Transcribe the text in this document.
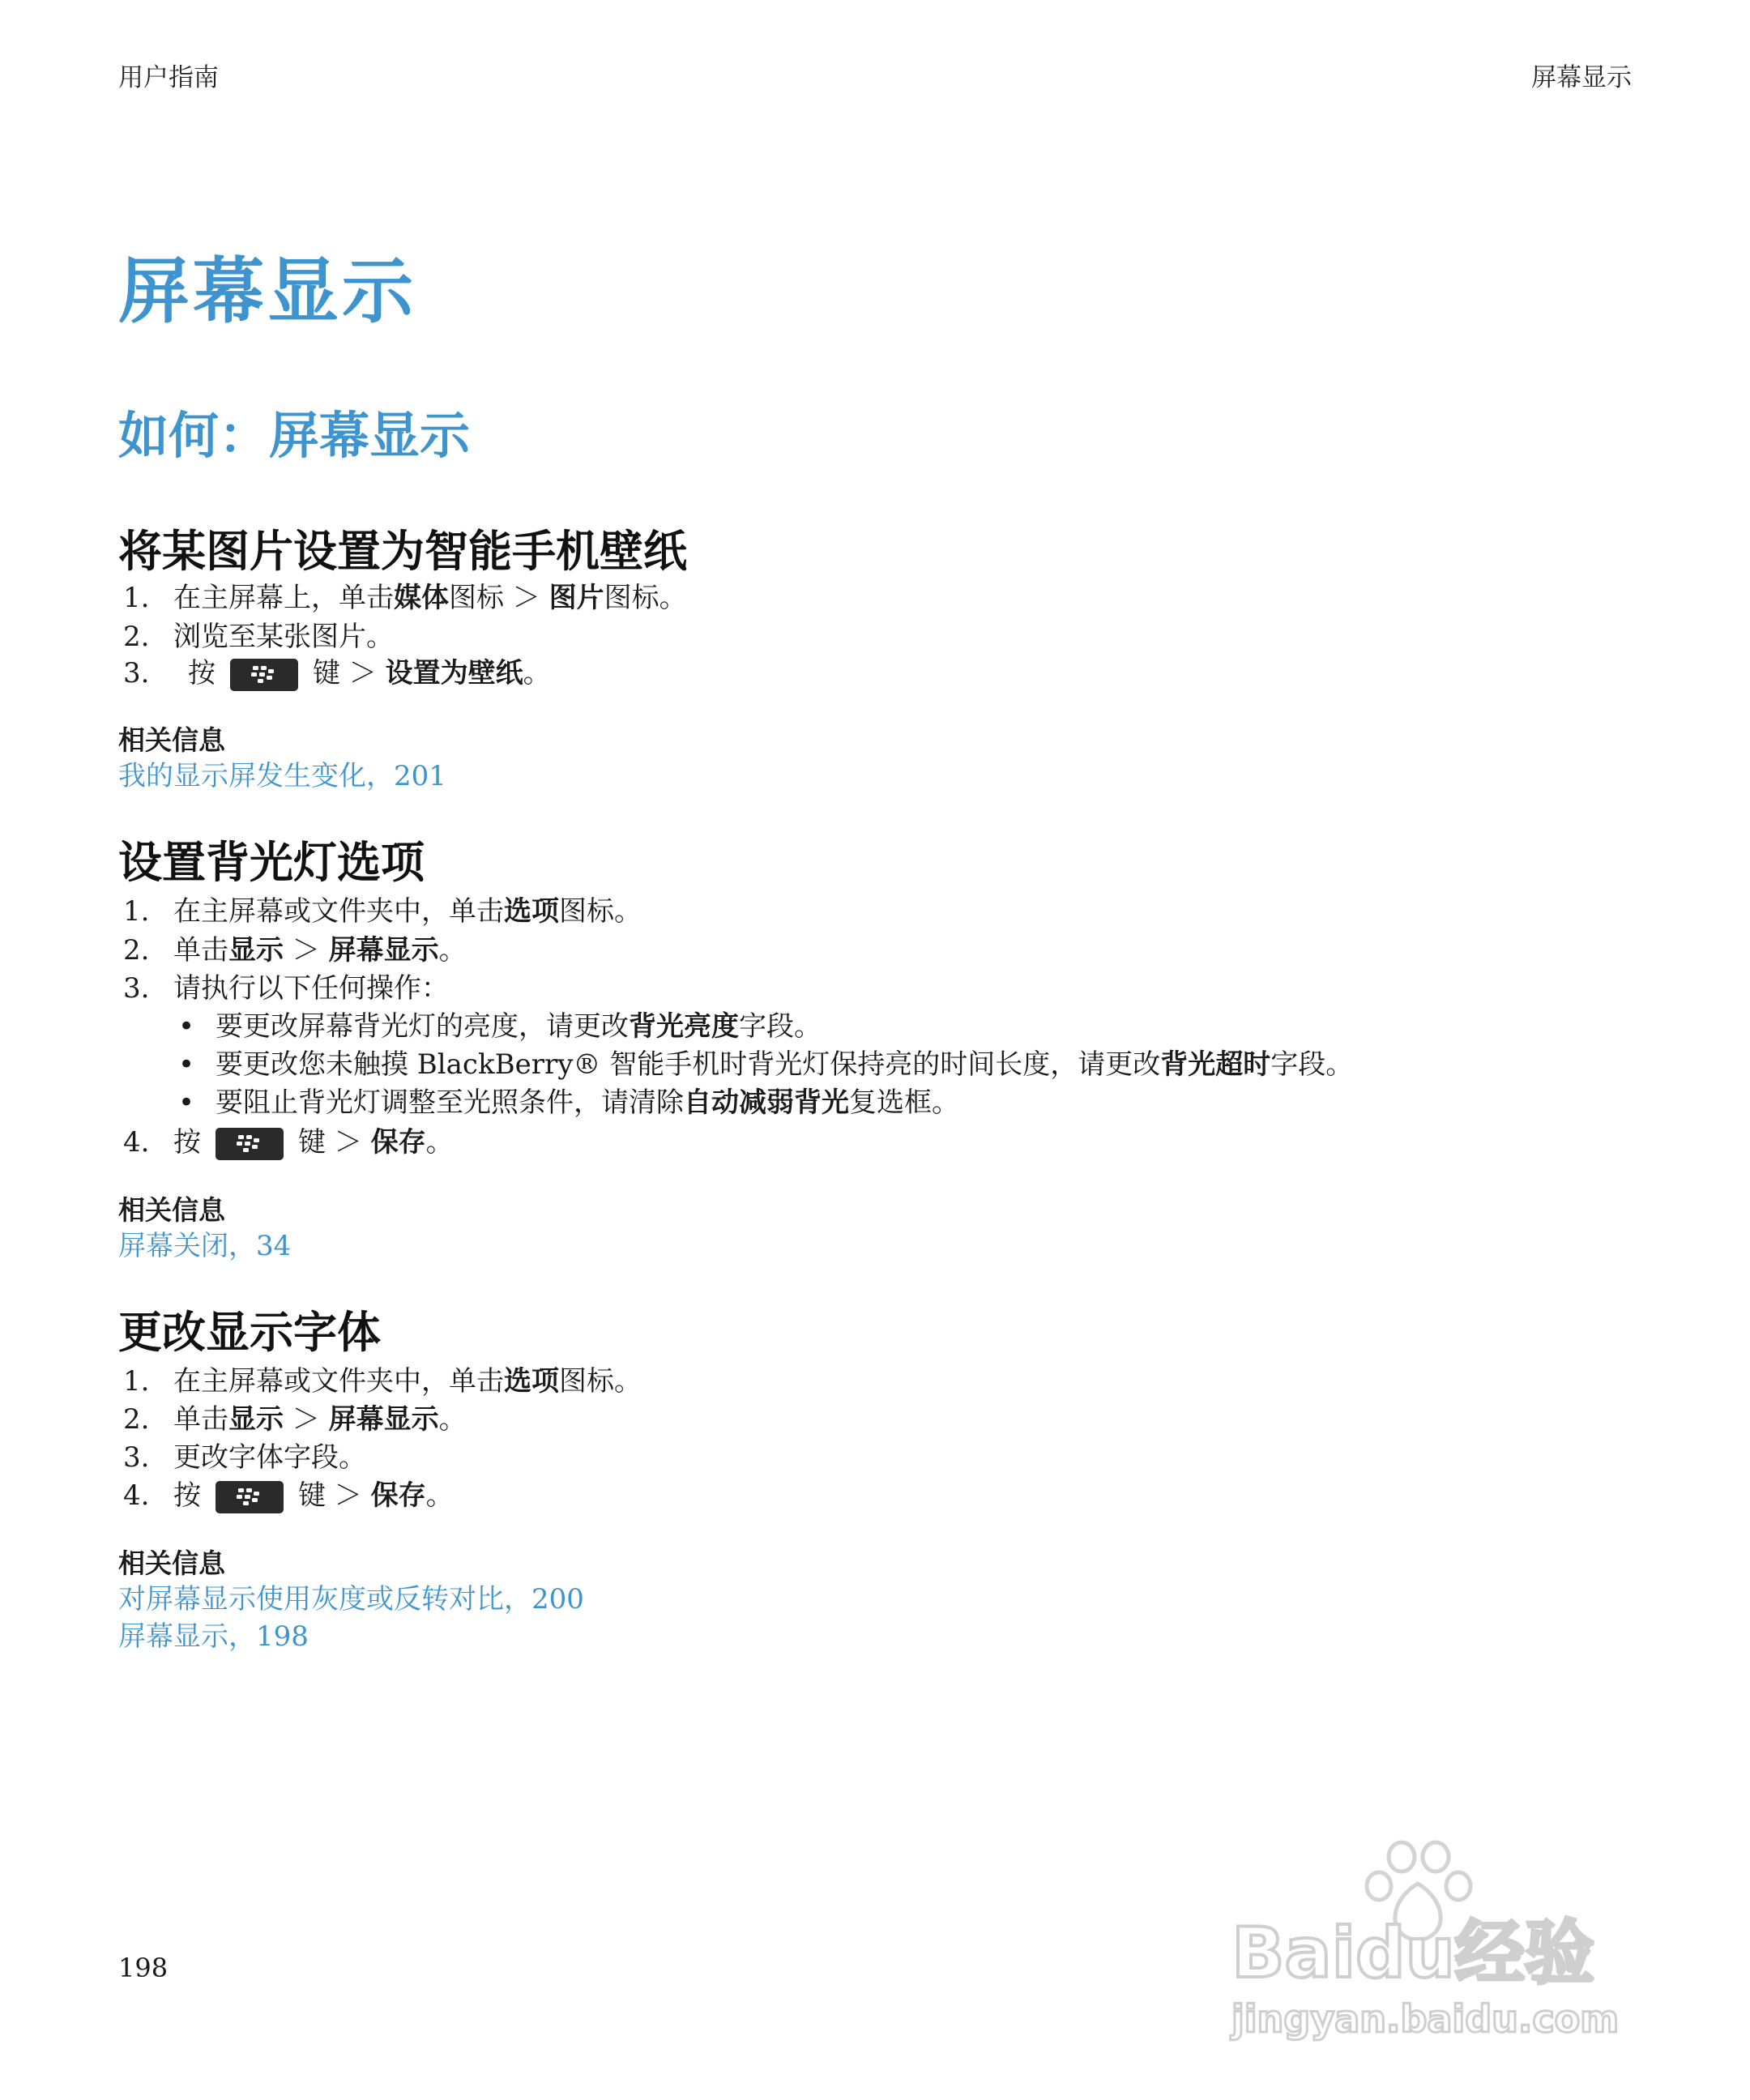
用户指南	屏幕显示
屏幕显示
如何：屏幕显示
将某图片设置为智能手机壁纸
1. 在主屏幕上，单击媒体图标 ＞ 图片图标。
2. 浏览至某张图片。
3. 按	键 ＞ 设置为壁纸。
相关信息
我的显示屏发生变化，201
设置背光灯选项
1. 在主屏幕或文件夹中，单击选项图标。
2. 单击显示 ＞ 屏幕显示。
3. 请执行以下任何操作：
• 要更改屏幕背光灯的亮度，请更改背光亮度字段。
• 要更改您未触摸 BlackBerry® 智能手机时背光灯保持亮的时间长度，请更改背光超时字段。
• 要阻止背光灯调整至光照条件，请清除自动减弱背光复选框。
4. 按	键 ＞ 保存。
相关信息
屏幕关闭，34
更改显示字体
1. 在主屏幕或文件夹中，单击选项图标。
2. 单击显示 ＞ 屏幕显示。
3. 更改字体字段。
4. 按	键 ＞ 保存。
相关信息
对屏幕显示使用灰度或反转对比，200
屏幕显示，198
198	Baidu经验
jingyan.baidu.com
